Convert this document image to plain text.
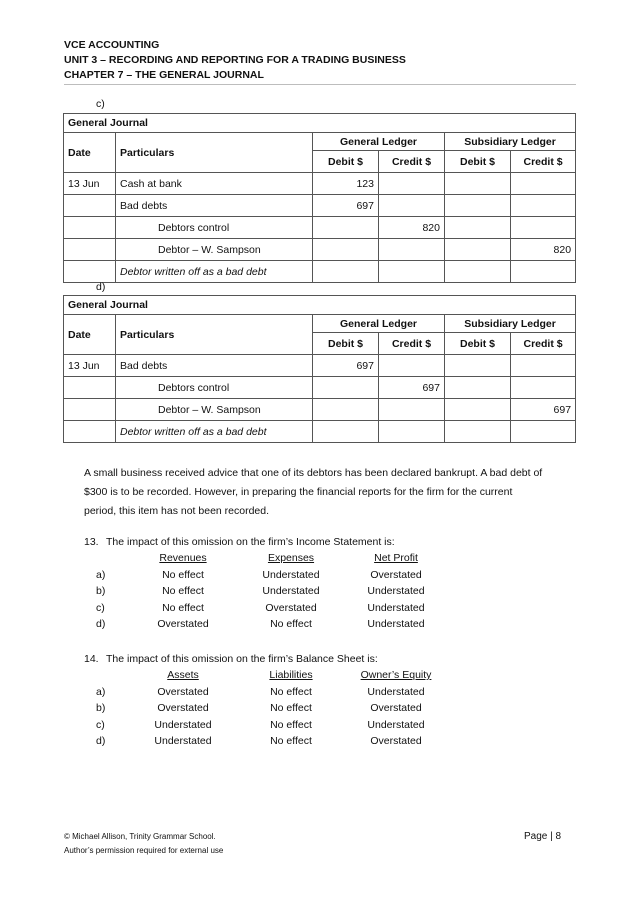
VCE ACCOUNTING
UNIT 3 – RECORDING AND REPORTING FOR A TRADING BUSINESS
CHAPTER 7 – THE GENERAL JOURNAL
c)
General Journal					
Date	Particulars	General Ledger		Subsidiary Ledger	
		Debit $	Credit $	Debit $	Credit $
13 Jun	Cash at bank	123			
	Bad debts	697			
	Debtors control		820		
	Debtor – W. Sampson				820
	Debtor written off as a bad debt				
d)
General Journal					
Date	Particulars	General Ledger		Subsidiary Ledger	
		Debit $	Credit $	Debit $	Credit $
13 Jun	Bad debts	697			
	Debtors control		697		
	Debtor – W. Sampson				697
	Debtor written off as a bad debt				
A small business received advice that one of its debtors has been declared bankrupt. A bad debt of
$300 is to be recorded. However, in preparing the financial reports for the firm for the current
period, this item has not been recorded.
13. The impact of this omission on the firm’s Income Statement is:
Revenues	Expenses	Net Profit
a)	No effect	Understated	Overstated
b)	No effect	Understated	Understated
c)	No effect	Overstated	Understated
d)	Overstated	No effect	Understated
14. The impact of this omission on the firm’s Balance Sheet is:
Assets	Liabilities	Owner’s Equity
a)	Overstated	No effect	Understated
b)	Overstated	No effect	Overstated
c)	Understated	No effect	Understated
d)	Understated	No effect	Overstated
© Michael Allison, Trinity Grammar School.
Author’s permission required for external use
Page | 8
